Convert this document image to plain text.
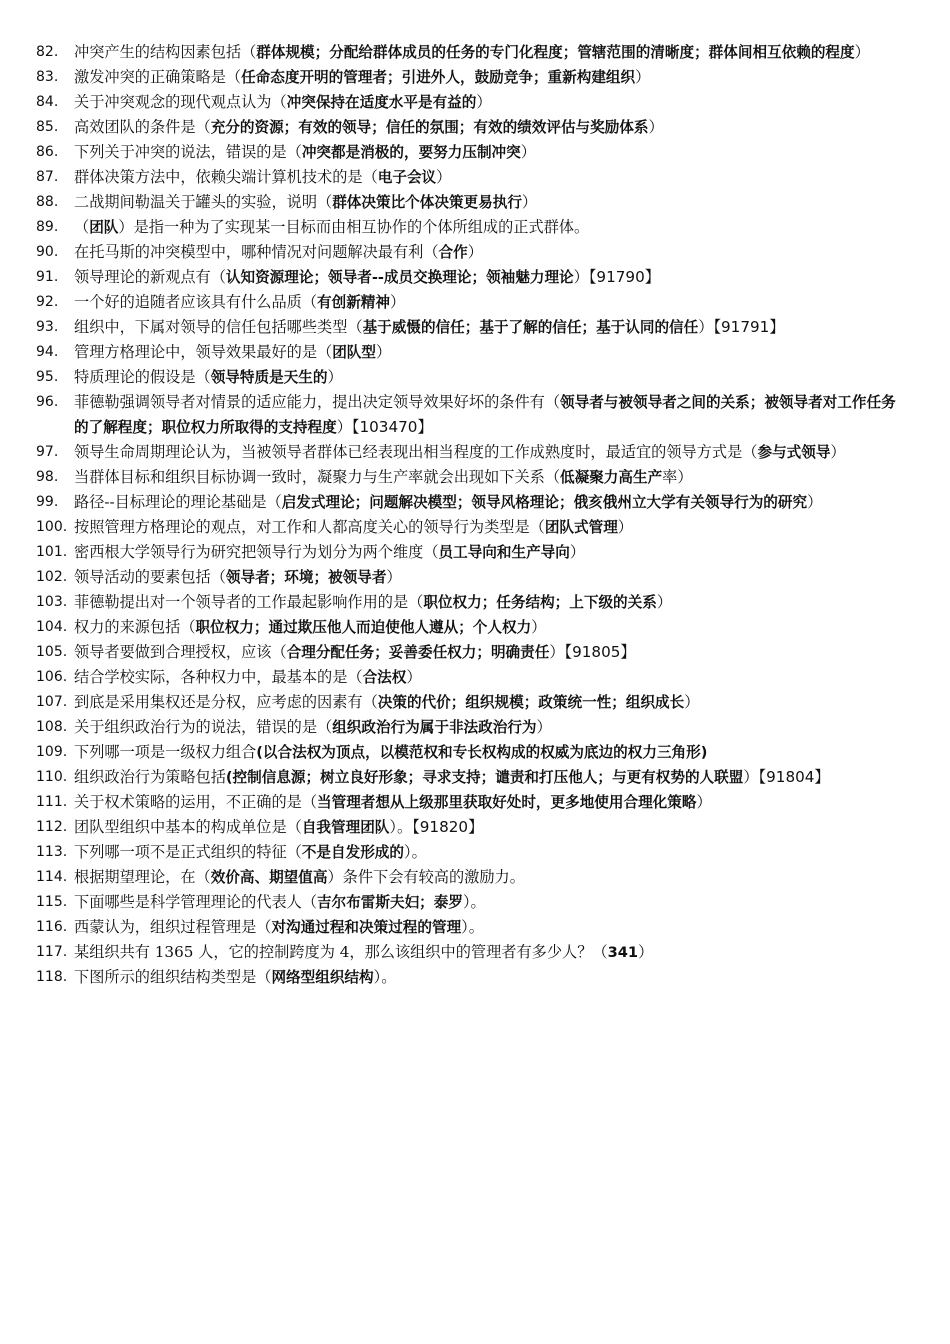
82.	冲突产生的结构因素包括（群体规模；分配给群体成员的任务的专门化程度；管辖范围的清晰度；群体间相互依赖的程度）
83.	激发冲突的正确策略是（任命态度开明的管理者；引进外人，鼓励竞争；重新构建组织）
84.	关于冲突观念的现代观点认为（冲突保持在适度水平是有益的）
85.	高效团队的条件是（充分的资源；有效的领导；信任的氛围；有效的绩效评估与奖励体系）
86.	下列关于冲突的说法，错误的是（冲突都是消极的，要努力压制冲突）
87.	群体决策方法中，依赖尖端计算机技术的是（电子会议）
88.	二战期间勒温关于罐头的实验，说明（群体决策比个体决策更易执行）
89.	（团队）是指一种为了实现某一目标而由相互协作的个体所组成的正式群体。
90.	在托马斯的冲突模型中，哪种情况对问题解决最有利（合作）
91.	领导理论的新观点有（认知资源理论；领导者--成员交换理论；领袖魅力理论）【91790】
92.	一个好的追随者应该具有什么品质（有创新精神）
93.	组织中，下属对领导的信任包括哪些类型（基于威慑的信任；基于了解的信任；基于认同的信任）【91791】
94.	管理方格理论中，领导效果最好的是（团队型）
95.	特质理论的假设是（领导特质是天生的）
96.	菲德勒强调领导者对情景的适应能力，提出决定领导效果好坏的条件有（领导者与被领导者之间的关系；被领导者对工作任务的了解程度；职位权力所取得的支持程度）【103470】
97.	领导生命周期理论认为，当被领导者群体已经表现出相当程度的工作成熟度时，最适宜的领导方式是（参与式领导）
98.	当群体目标和组织目标协调一致时，凝聚力与生产率就会出现如下关系（低凝聚力高生产率）
99.	路径--目标理论的理论基础是（启发式理论；问题解决模型；领导风格理论；俄亥俄州立大学有关领导行为的研究）
100. 按照管理方格理论的观点，对工作和人都高度关心的领导行为类型是（团队式管理）
101. 密西根大学领导行为研究把领导行为划分为两个维度（员工导向和生产导向）
102. 领导活动的要素包括（领导者；环境；被领导者）
103. 菲德勒提出对一个领导者的工作最起影响作用的是（职位权力；任务结构；上下级的关系）
104. 权力的来源包括（职位权力；通过欺压他人而迫使他人遵从；个人权力）
105. 领导者要做到合理授权，应该（合理分配任务；妥善委任权力；明确责任）【91805】
106. 结合学校实际，各种权力中，最基本的是（合法权）
107. 到底是采用集权还是分权，应考虑的因素有（决策的代价；组织规模；政策统一性；组织成长）
108. 关于组织政治行为的说法，错误的是（组织政治行为属于非法政治行为）
109. 下列哪一项是一级权力组合(以合法权为顶点，以模范权和专长权构成的权威为底边的权力三角形)
110. 组织政治行为策略包括(控制信息源；树立良好形象；寻求支持；谴责和打压他人；与更有权势的人联盟）【91804】
111. 关于权术策略的运用，不正确的是（当管理者想从上级那里获取好处时，更多地使用合理化策略）
112. 团队型组织中基本的构成单位是（自我管理团队）。【91820】
113. 下列哪一项不是正式组织的特征（不是自发形成的）。
114. 根据期望理论，在（效价高、期望值高）条件下会有较高的激励力。
115. 下面哪些是科学管理理论的代表人（吉尔布雷斯夫妇；泰罗）。
116. 西蒙认为，组织过程管理是（对沟通过程和决策过程的管理）。
117. 某组织共有 1365 人，它的控制跨度为 4，那么该组织中的管理者有多少人？（341）
118. 下图所示的组织结构类型是（网络型组织结构）。
